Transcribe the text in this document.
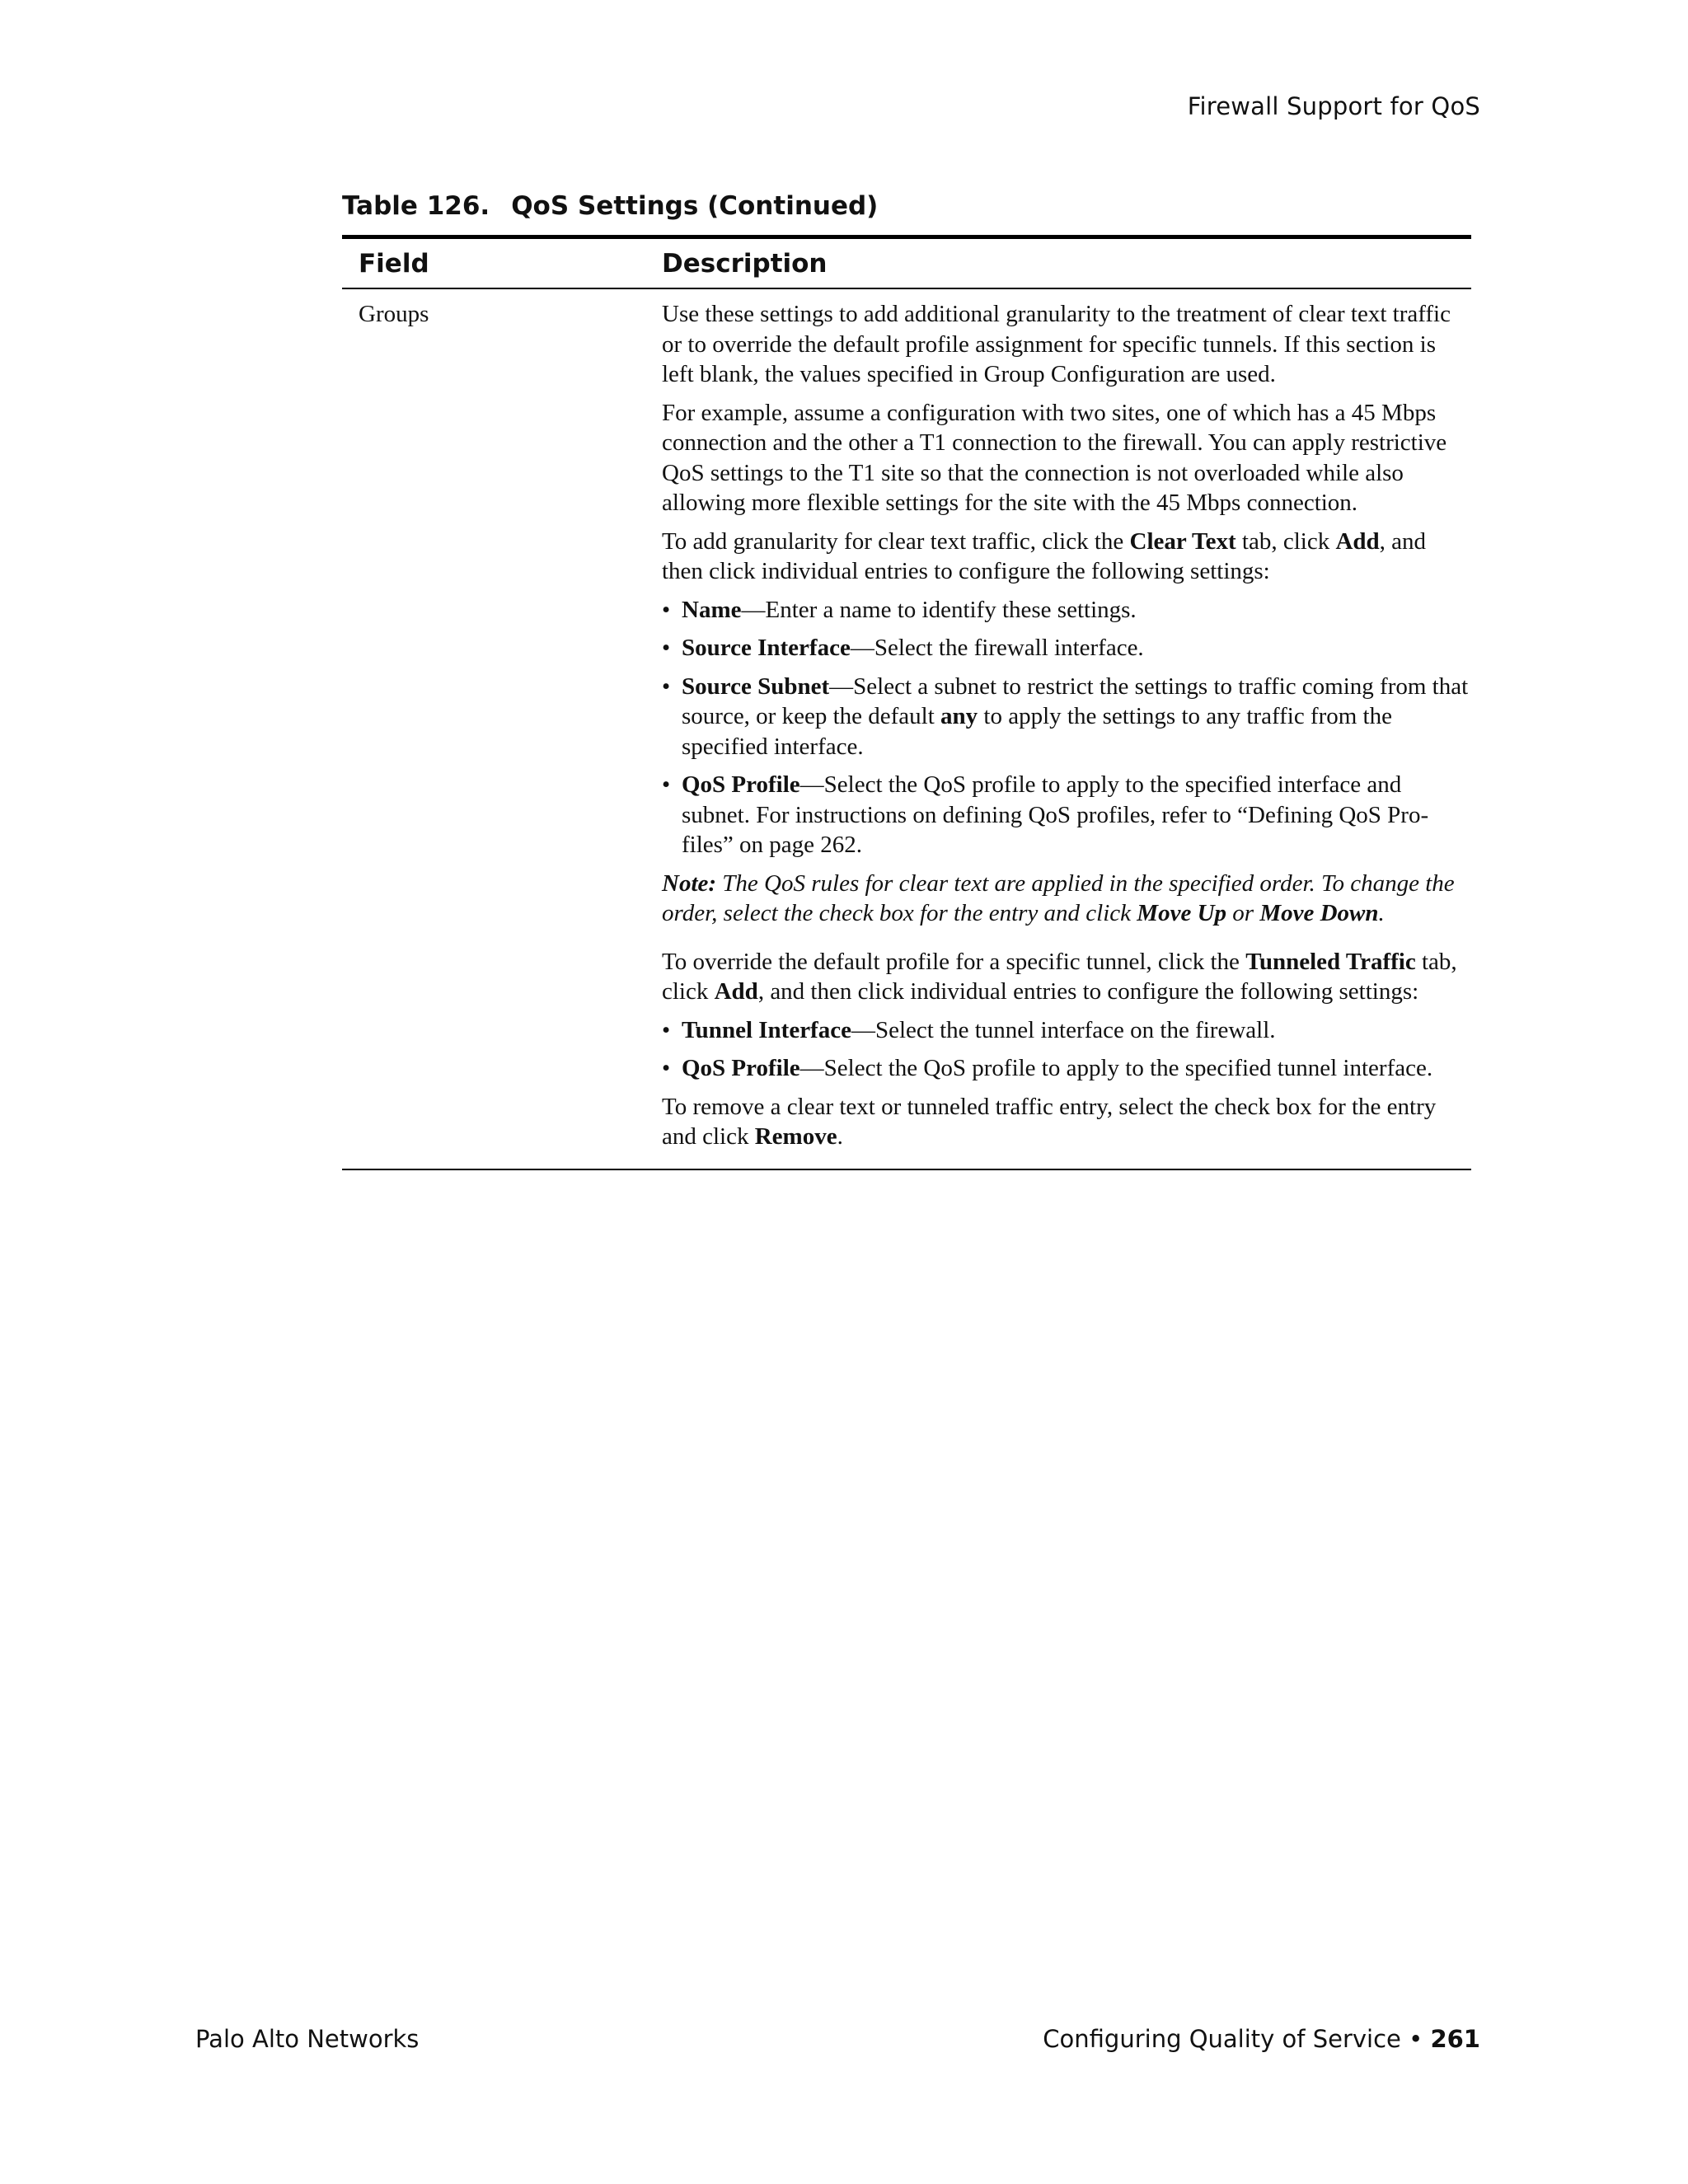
Firewall Support for QoS
Table 126. QoS Settings (Continued)
Field	Description
Groups	Use these settings to add additional granularity to the treatment of clear text traffic or to override the default profile assignment for specific tunnels. If this section is left blank, the values specified in Group Configuration are used.

For example, assume a configuration with two sites, one of which has a 45 Mbps connection and the other a T1 connection to the firewall. You can apply restrictive QoS settings to the T1 site so that the connection is not overloaded while also allowing more flexible settings for the site with the 45 Mbps connection.

To add granularity for clear text traffic, click the Clear Text tab, click Add, and then click individual entries to configure the following settings:

• Name—Enter a name to identify these settings.
• Source Interface—Select the firewall interface.
• Source Subnet—Select a subnet to restrict the settings to traffic coming from that source, or keep the default any to apply the settings to any traffic from the specified interface.
• QoS Profile—Select the QoS profile to apply to the specified interface and subnet. For instructions on defining QoS profiles, refer to “Defining QoS Pro-files” on page 262.

Note: The QoS rules for clear text are applied in the specified order. To change the order, select the check box for the entry and click Move Up or Move Down.

To override the default profile for a specific tunnel, click the Tunneled Traffic tab, click Add, and then click individual entries to configure the following settings:

• Tunnel Interface—Select the tunnel interface on the firewall.
• QoS Profile—Select the QoS profile to apply to the specified tunnel interface.

To remove a clear text or tunneled traffic entry, select the check box for the entry and click Remove.

Palo Alto Networks	Configuring Quality of Service • 261
